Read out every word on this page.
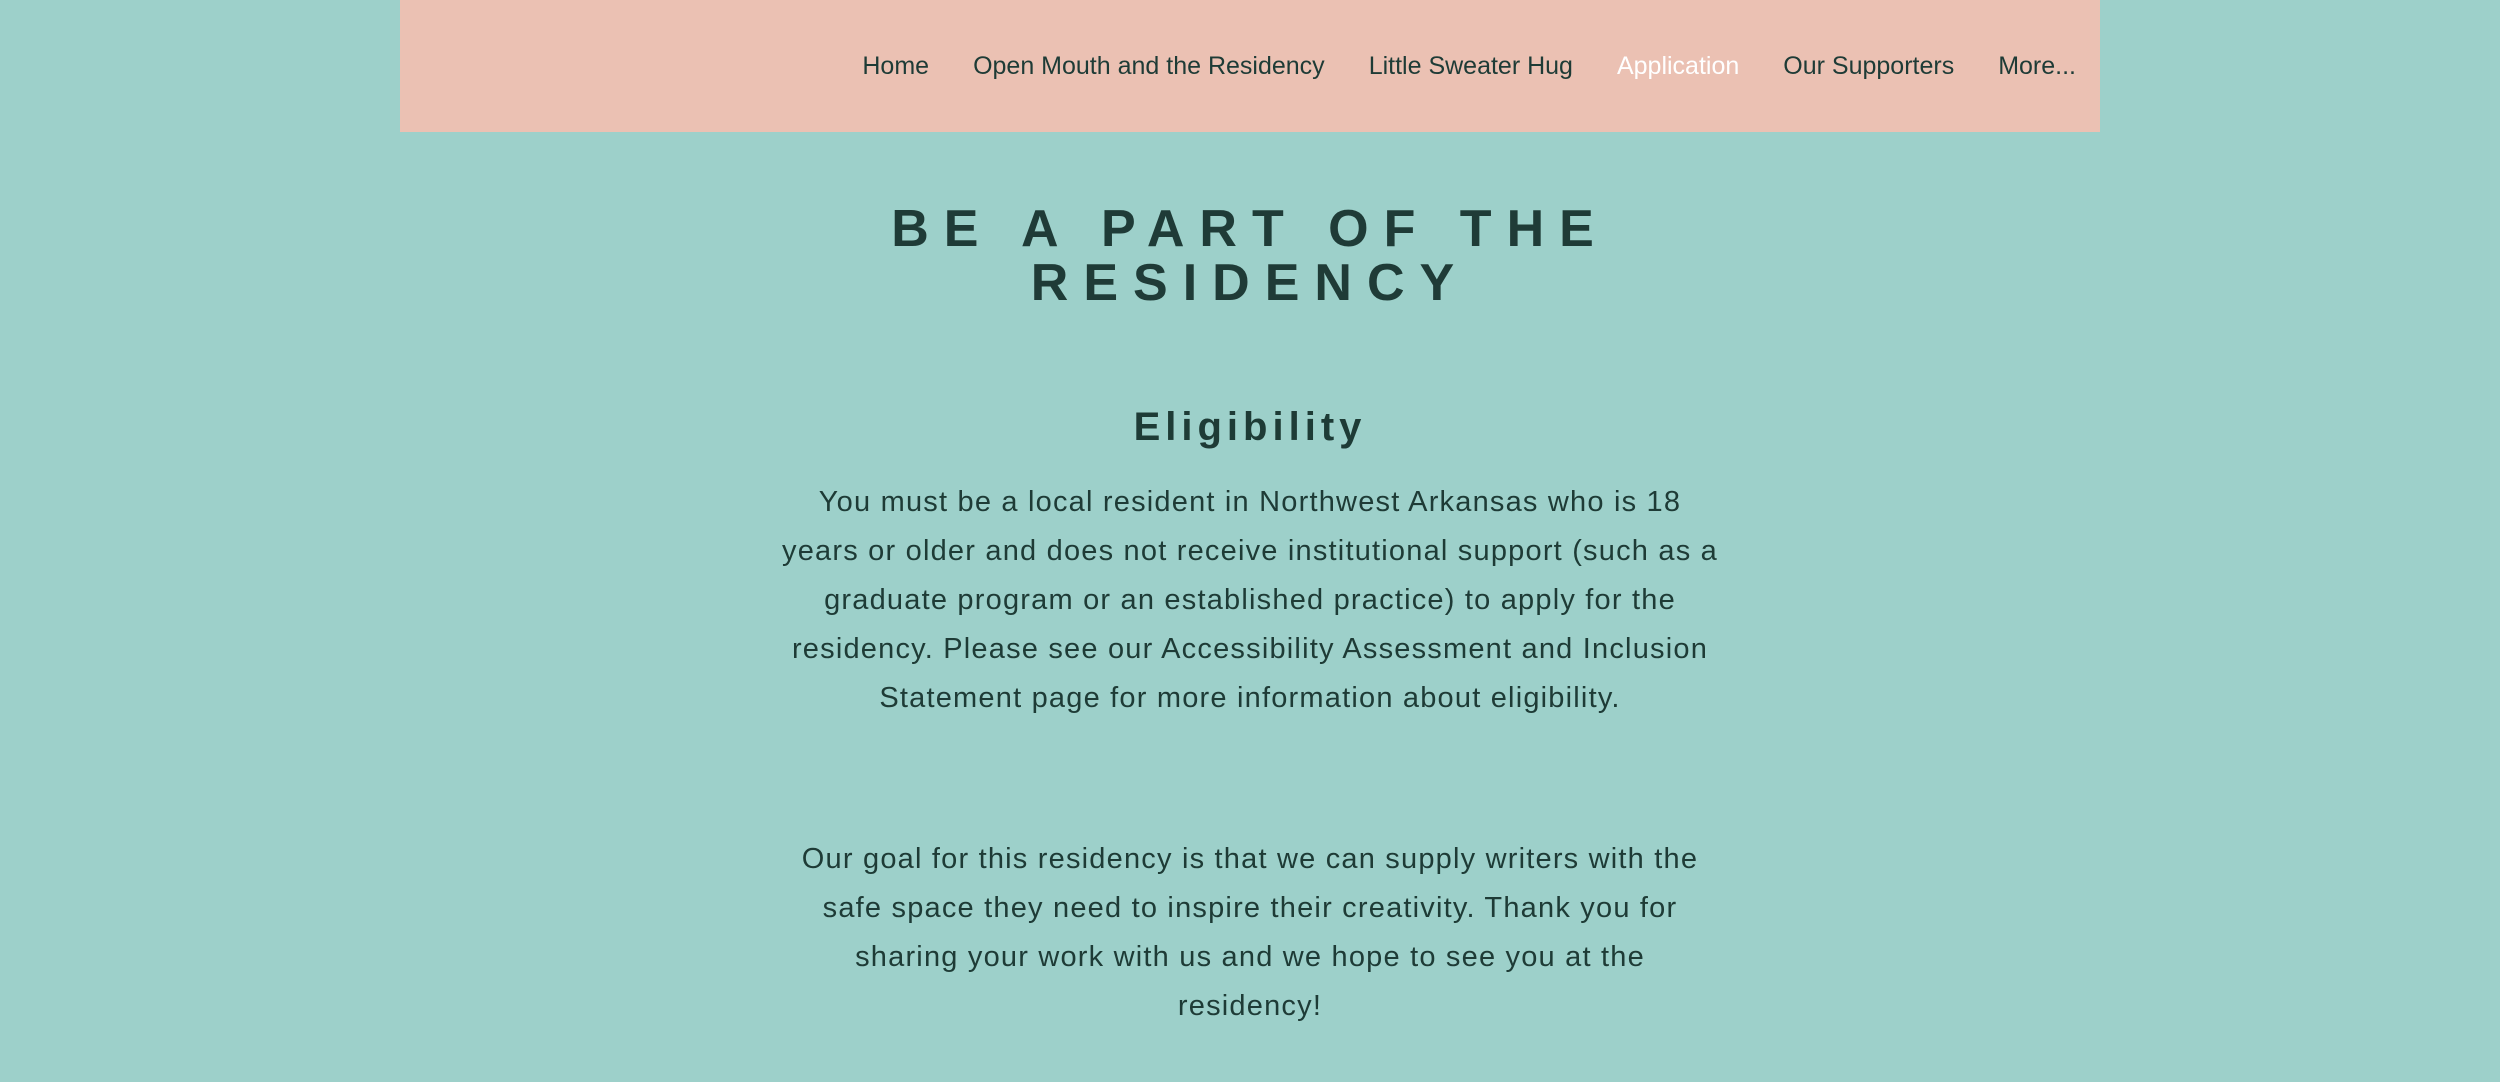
Home Open Mouth and the Residency Little Sweater Hug Application Our Supporters More...
BE A PART OF THE
RESIDENCY
Eligibility

You must be a local resident in Northwest Arkansas who is 18 years or older and does not receive institutional support (such as a graduate program or an established practice) to apply for the residency. Please see our Accessibility Assessment and Inclusion Statement page for more information about eligibility.

Our goal for this residency is that we can supply writers with the safe space they need to inspire their creativity. Thank you for sharing your work with us and we hope to see you at the residency!
